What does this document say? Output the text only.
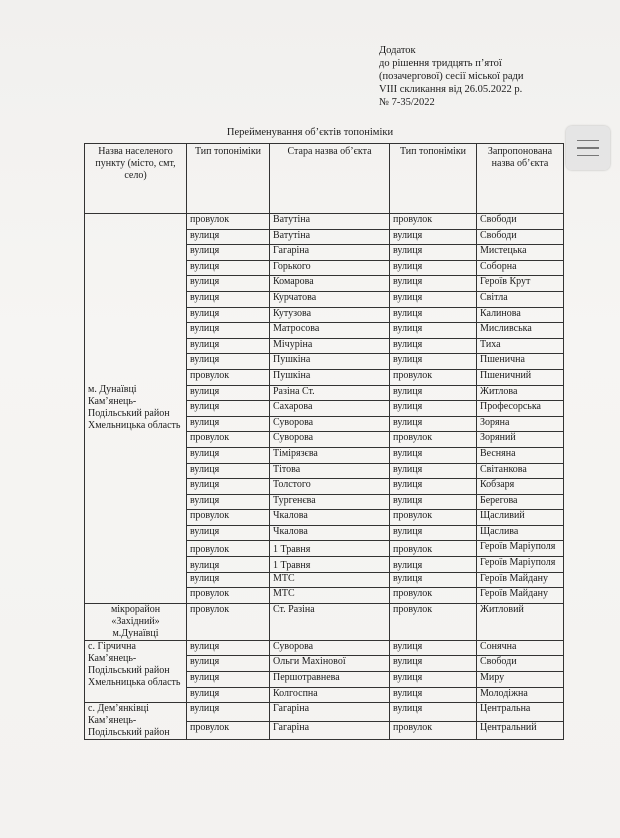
Додаток
до рішення тридцять п’ятої
(позачергової) сесії міської ради
VIII скликання від 26.05.2022 р.
№ 7-35/2022
Перейменування об’єктів топоніміки
Назва населеного пункту (місто, смт, село)	Тип топоніміки	Стара назва об’єкта	Тип топоніміки	Запропонована назва об’єкта
м. Дунаївці Кам’янець-Подільський район Хмельницька область	провулок	Ватутіна	провулок	Свободи
	вулиця	Ватутіна	вулиця	Свободи
	вулиця	Гагаріна	вулиця	Мистецька
	вулиця	Горького	вулиця	Соборна
	вулиця	Комарова	вулиця	Героїв Крут
	вулиця	Курчатова	вулиця	Світла
	вулиця	Кутузова	вулиця	Калинова
	вулиця	Матросова	вулиця	Мисливська
	вулиця	Мічуріна	вулиця	Тиха
	вулиця	Пушкіна	вулиця	Пшенична
	провулок	Пушкіна	провулок	Пшеничний
	вулиця	Разіна Ст.	вулиця	Житлова
	вулиця	Сахарова	вулиця	Професорська
	вулиця	Суворова	вулиця	Зоряна
	провулок	Суворова	провулок	Зоряний
	вулиця	Тімірязєва	вулиця	Весняна
	вулиця	Тітова	вулиця	Світанкова
	вулиця	Толстого	вулиця	Кобзаря
	вулиця	Тургенєва	вулиця	Берегова
	провулок	Чкалова	провулок	Щасливий
	вулиця	Чкалова	вулиця	Щаслива
	провулок	1 Травня	провулок	Героїв Маріуполя
	вулиця	1 Травня	вулиця	Героїв Маріуполя
	вулиця	МТС	вулиця	Героїв Майдану
	провулок	МТС	провулок	Героїв Майдану
мікрорайон «Західний» м.Дунаївці	провулок	Ст. Разіна	провулок	Житловий
с. Гірчична Кам’янець-Подільський район Хмельницька область	вулиця	Суворова	вулиця	Сонячна
	вулиця	Ольги Махінової	вулиця	Свободи
	вулиця	Першотравнева	вулиця	Миру
	вулиця	Колгоспна	вулиця	Молодіжна
с. Дем’янківці Кам’янець-Подільський район	вулиця	Гагаріна	вулиця	Центральна
	провулок	Гагаріна	провулок	Центральний
